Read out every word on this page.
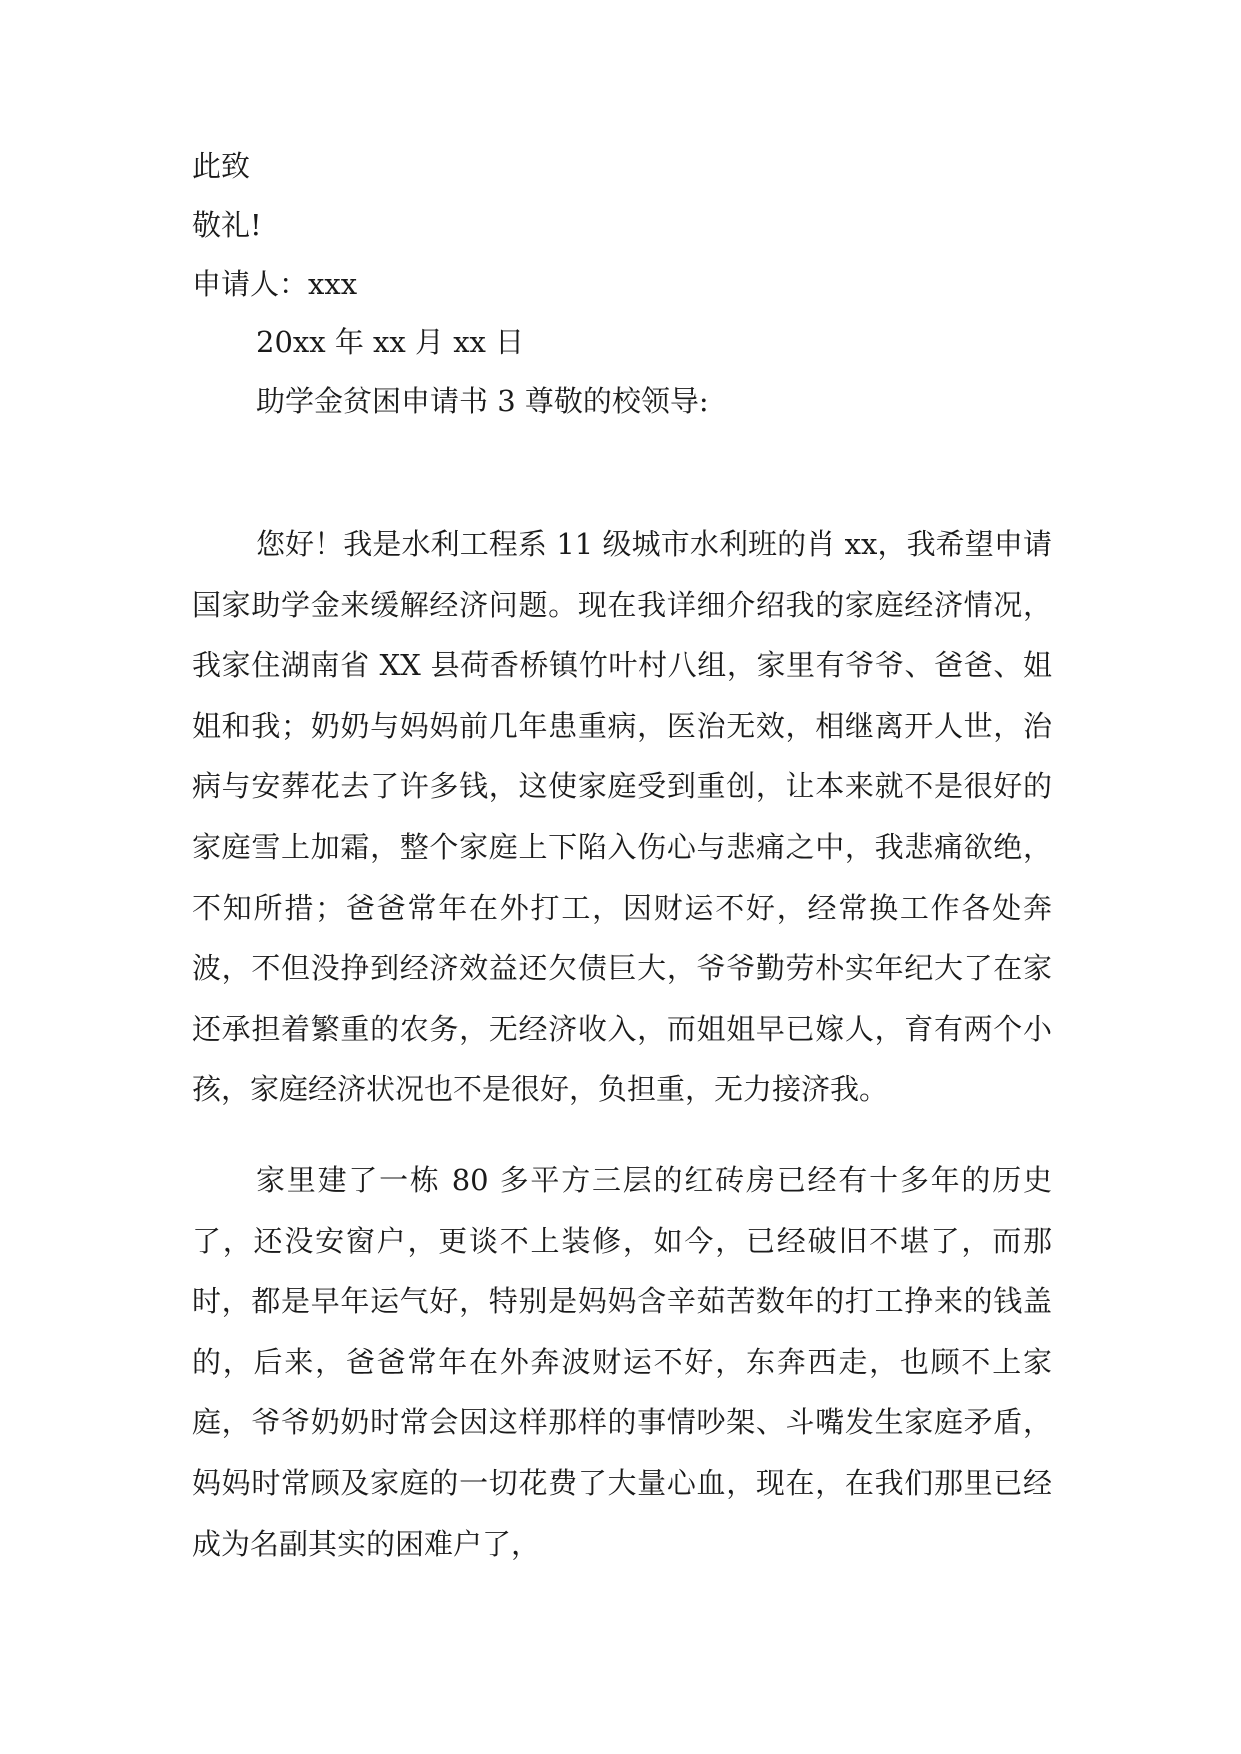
此致
敬礼!
申请人：xxx
20xx 年 xx 月 xx 日
助学金贫困申请书 3 尊敬的校领导:

您好！我是水利工程系 11 级城市水利班的肖 xx，我希望申请国家助学金来缓解经济问题。现在我详细介绍我的家庭经济情况，我家住湖南省 XX 县荷香桥镇竹叶村八组，家里有爷爷、爸爸、姐姐和我；奶奶与妈妈前几年患重病，医治无效，相继离开人世，治病与安葬花去了许多钱，这使家庭受到重创，让本来就不是很好的家庭雪上加霜，整个家庭上下陷入伤心与悲痛之中，我悲痛欲绝，不知所措；爸爸常年在外打工，因财运不好，经常换工作各处奔波，不但没挣到经济效益还欠债巨大，爷爷勤劳朴实年纪大了在家还承担着繁重的农务，无经济收入，而姐姐早已嫁人，育有两个小孩，家庭经济状况也不是很好，负担重，无力接济我。

家里建了一栋 80 多平方三层的红砖房已经有十多年的历史了，还没安窗户，更谈不上装修，如今，已经破旧不堪了，而那时，都是早年运气好，特别是妈妈含辛茹苦数年的打工挣来的钱盖的，后来，爸爸常年在外奔波财运不好，东奔西走，也顾不上家庭，爷爷奶奶时常会因这样那样的事情吵架、斗嘴发生家庭矛盾，妈妈时常顾及家庭的一切花费了大量心血，现在，在我们那里已经成为名副其实的困难户了，
